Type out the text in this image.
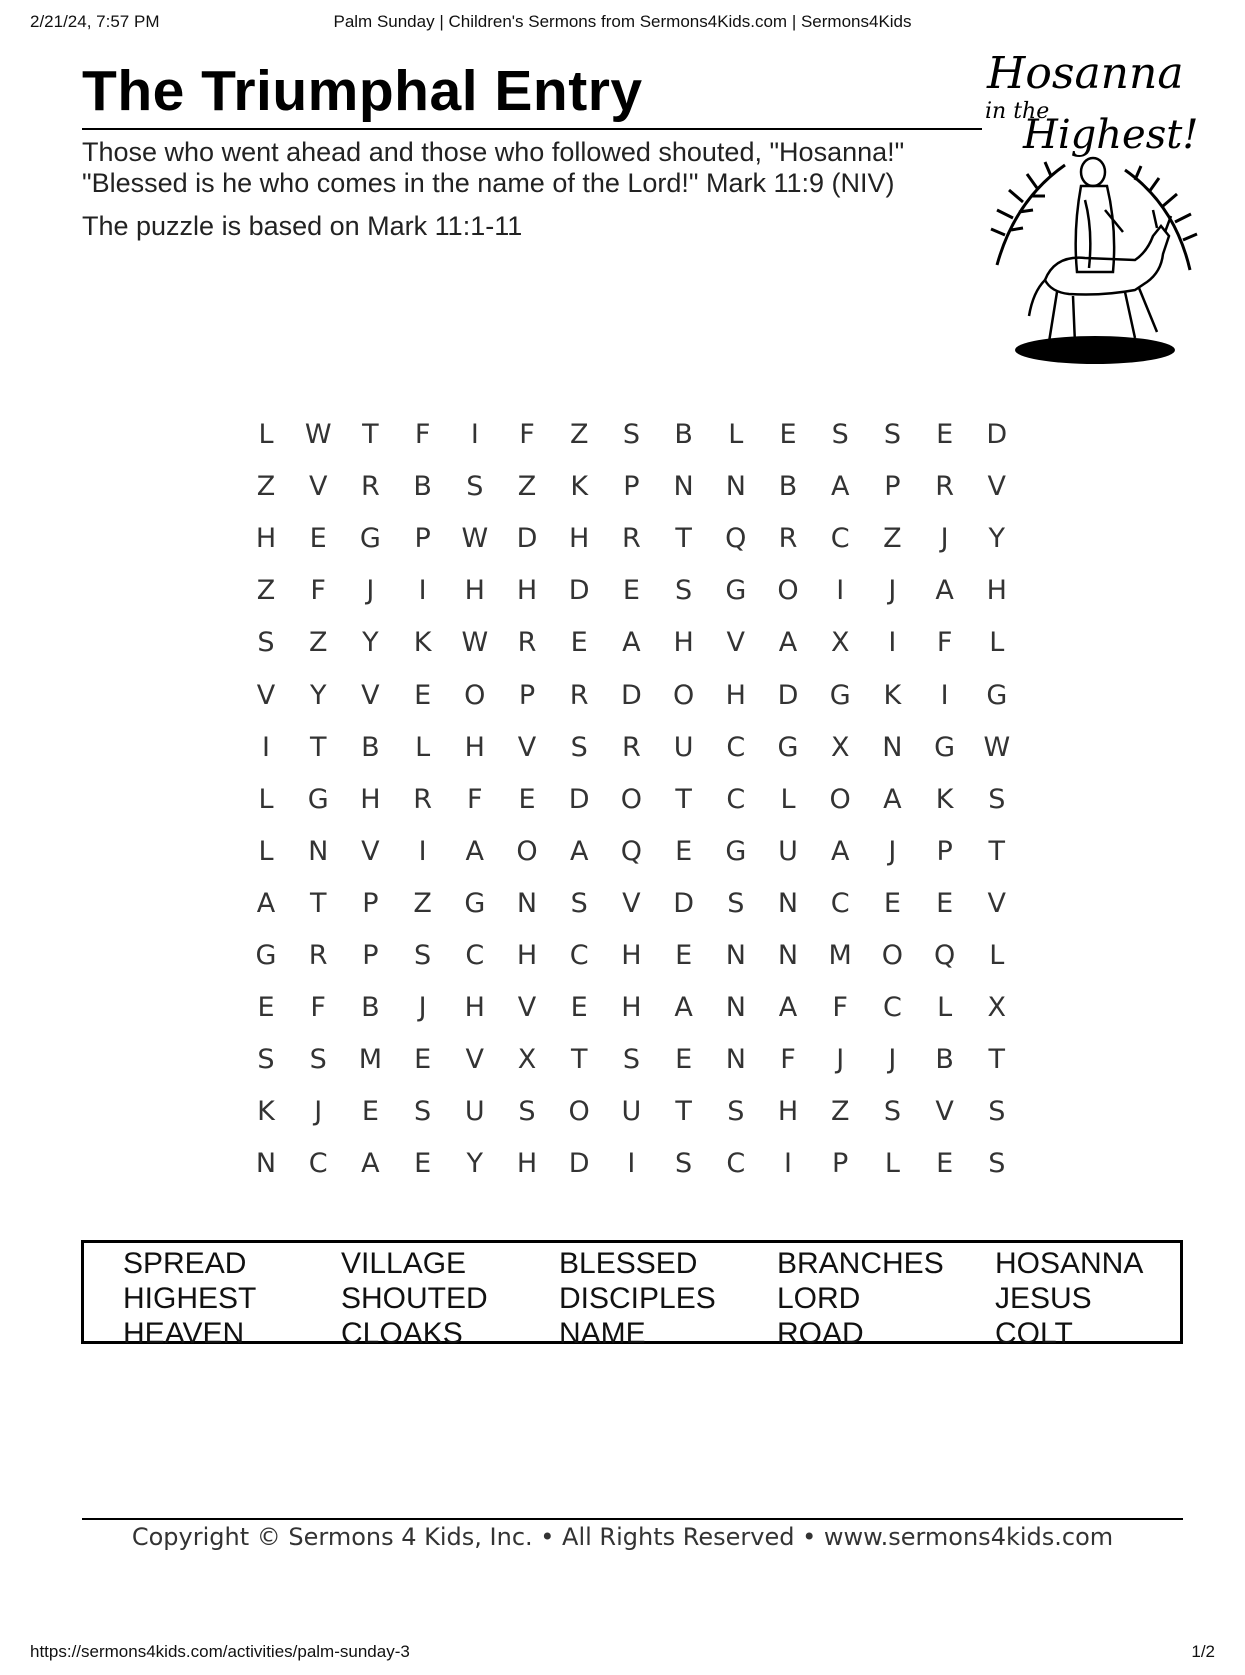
2/21/24, 7:57 PM	Palm Sunday | Children's Sermons from Sermons4Kids.com | Sermons4Kids
The Triumphal Entry
Those who went ahead and those who followed shouted, "Hosanna!"
"Blessed is he who comes in the name of the Lord!" Mark 11:9 (NIV)
The puzzle is based on Mark 11:1-11
Hosanna
in the
Highest!
L	W	T	F	I	F	Z	S	B	L	E	S	S	E	D
Z	V	R	B	S	Z	K	P	N	N	B	A	P	R	V
H	E	G	P	W	D	H	R	T	Q	R	C	Z	J	Y
Z	F	J	I	H	H	D	E	S	G	O	I	J	A	H
S	Z	Y	K	W	R	E	A	H	V	A	X	I	F	L
V	Y	V	E	O	P	R	D	O	H	D	G	K	I	G
I	T	B	L	H	V	S	R	U	C	G	X	N	G	W
L	G	H	R	F	E	D	O	T	C	L	O	A	K	S
L	N	V	I	A	O	A	Q	E	G	U	A	J	P	T
A	T	P	Z	G	N	S	V	D	S	N	C	E	E	V
G	R	P	S	C	H	C	H	E	N	N	M	O	Q	L
E	F	B	J	H	V	E	H	A	N	A	F	C	L	X
S	S	M	E	V	X	T	S	E	N	F	J	J	B	T
K	J	E	S	U	S	O	U	T	S	H	Z	S	V	S
N	C	A	E	Y	H	D	I	S	C	I	P	L	E	S
SPREAD	VILLAGE	BLESSED	BRANCHES HOSANNA
HIGHEST	SHOUTED DISCIPLES LORD	JESUS
HEAVEN	CLOAKS	NAME	ROAD	COLT
Copyright © Sermons 4 Kids, Inc. • All Rights Reserved • www.sermons4kids.com
https://sermons4kids.com/activities/palm-sunday-3	1/2
